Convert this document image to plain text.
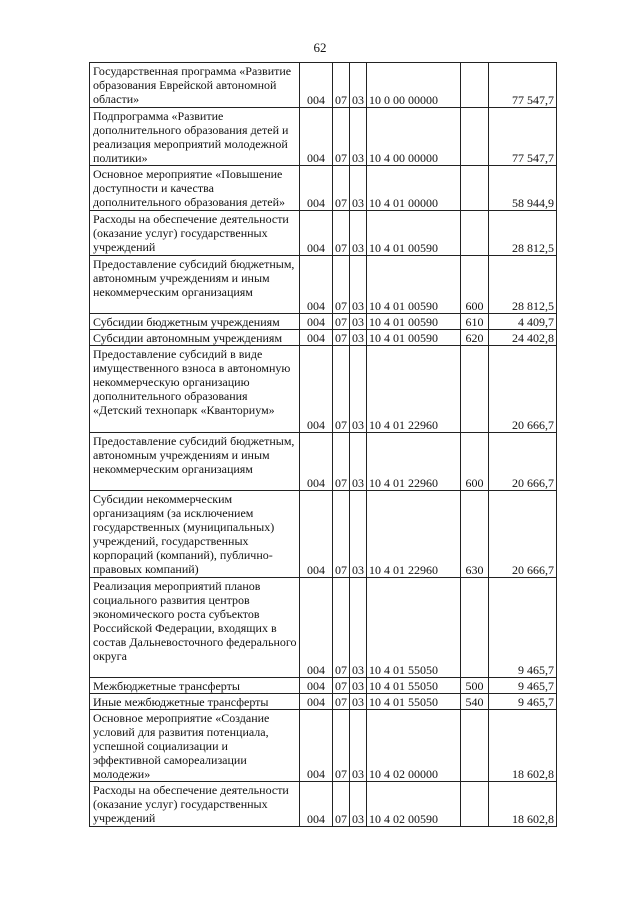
62
Государственная программа «Развитие образования Еврейской автономной области»	004	07	03	10 0 00 00000		77 547,7
Подпрограмма «Развитие дополнительного образования детей и реализация мероприятий молодежной политики»	004	07	03	10 4 00 00000		77 547,7
Основное мероприятие «Повышение доступности и качества дополнительного образования детей»	004	07	03	10 4 01 00000		58 944,9
Расходы на обеспечение деятельности (оказание услуг) государственных учреждений	004	07	03	10 4 01 00590		28 812,5
Предоставление субсидий бюджетным, автономным учреждениям и иным некоммерческим организациям	004	07	03	10 4 01 00590	600	28 812,5
Субсидии бюджетным учреждениям	004	07	03	10 4 01 00590	610	4 409,7
Субсидии автономным учреждениям	004	07	03	10 4 01 00590	620	24 402,8
Предоставление субсидий в виде имущественного взноса в автономную некоммерческую организацию дополнительного образования «Детский технопарк «Кванториум»	004	07	03	10 4 01 22960		20 666,7
Предоставление субсидий бюджетным, автономным учреждениям и иным некоммерческим организациям	004	07	03	10 4 01 22960	600	20 666,7
Субсидии некоммерческим организациям (за исключением государственных (муниципальных) учреждений, государственных корпораций (компаний), публично-правовых компаний)	004	07	03	10 4 01 22960	630	20 666,7
Реализация мероприятий планов социального развития центров экономического роста субъектов Российской Федерации, входящих в состав Дальневосточного федерального округа	004	07	03	10 4 01 55050		9 465,7
Межбюджетные трансферты	004	07	03	10 4 01 55050	500	9 465,7
Иные межбюджетные трансферты	004	07	03	10 4 01 55050	540	9 465,7
Основное мероприятие «Создание условий для развития потенциала, успешной социализации и эффективной самореализации молодежи»	004	07	03	10 4 02 00000		18 602,8
Расходы на обеспечение деятельности (оказание услуг) государственных учреждений	004	07	03	10 4 02 00590		18 602,8
